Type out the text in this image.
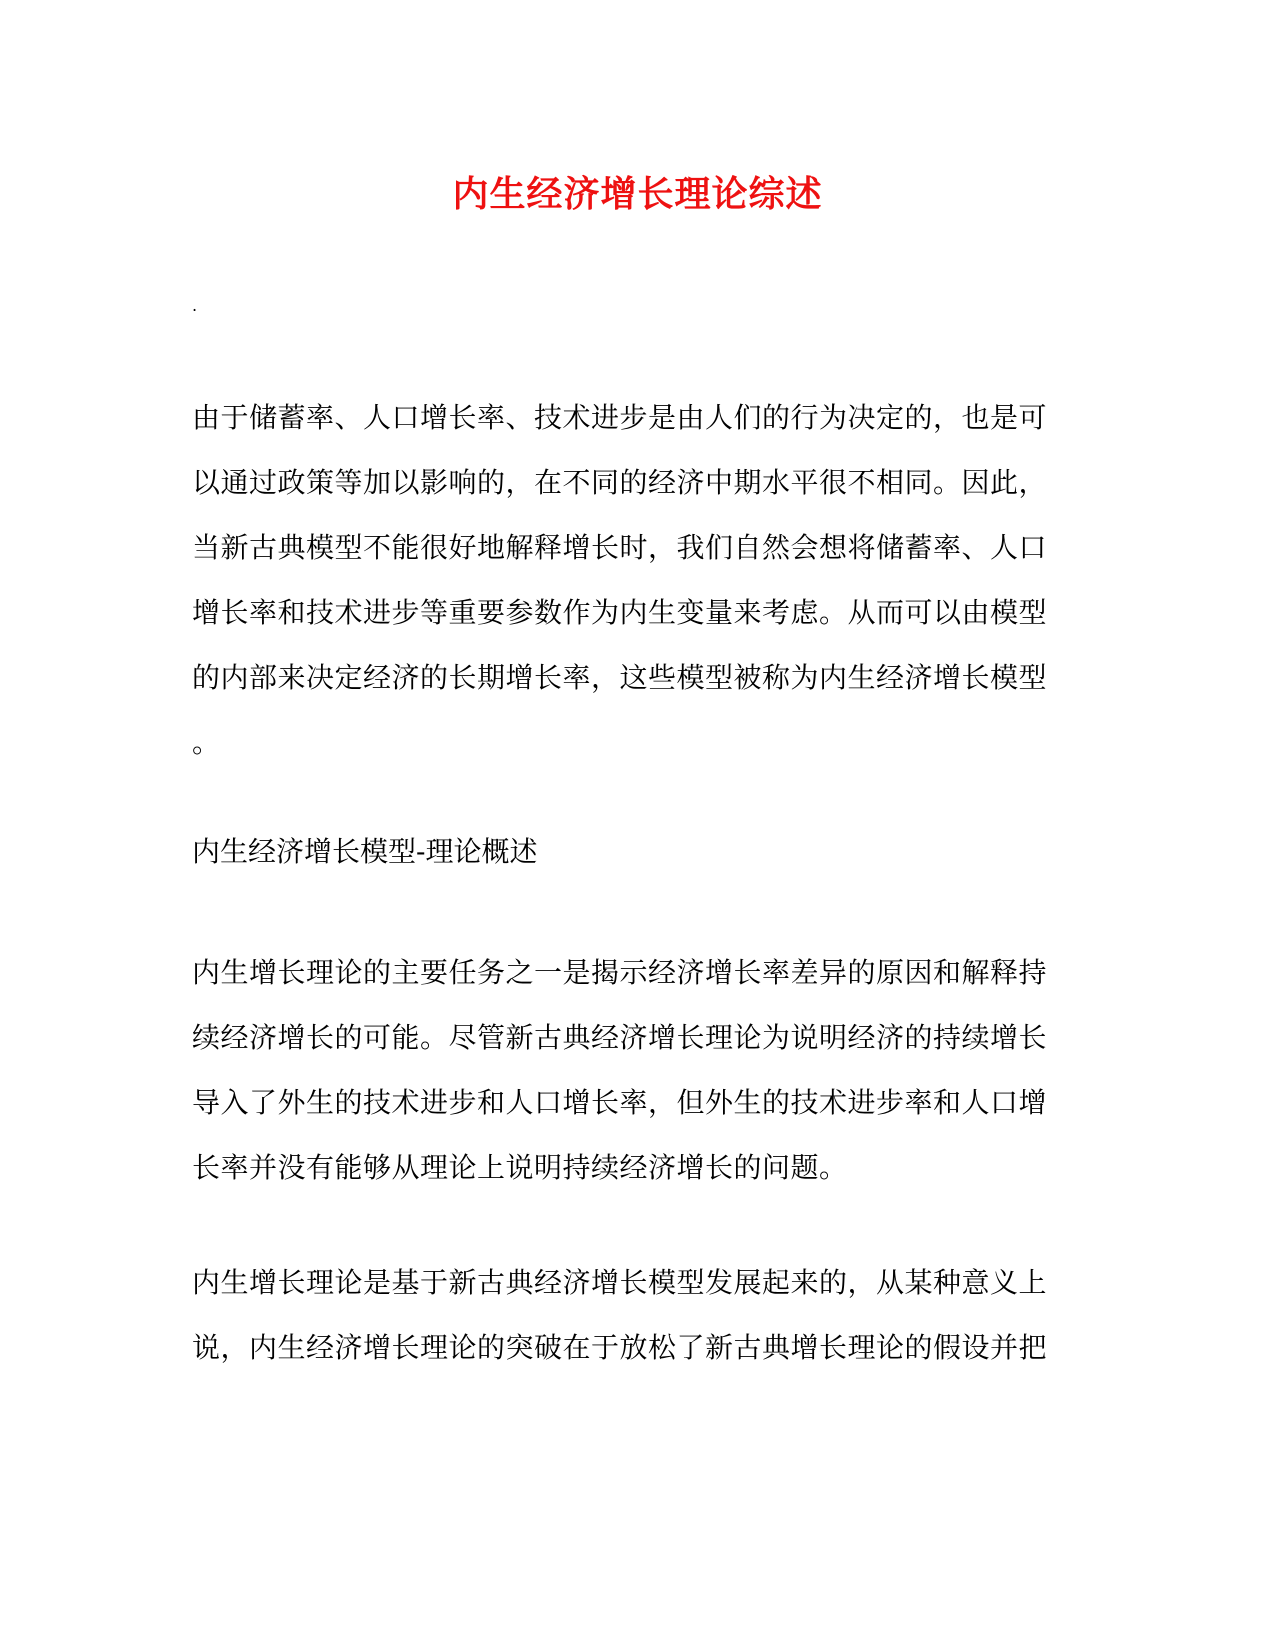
内生经济增长理论综述
.
由于储蓄率、人口增长率、技术进步是由人们的行为决定的，也是可
以通过政策等加以影响的，在不同的经济中期水平很不相同。因此，
当新古典模型不能很好地解释增长时，我们自然会想将储蓄率、人口
增长率和技术进步等重要参数作为内生变量来考虑。从而可以由模型
的内部来决定经济的长期增长率，这些模型被称为内生经济增长模型
。
内生经济增长模型-理论概述
内生增长理论的主要任务之一是揭示经济增长率差异的原因和解释持
续经济增长的可能。尽管新古典经济增长理论为说明经济的持续增长
导入了外生的技术进步和人口增长率，但外生的技术进步率和人口增
长率并没有能够从理论上说明持续经济增长的问题。
内生增长理论是基于新古典经济增长模型发展起来的，从某种意义上
说，内生经济增长理论的突破在于放松了新古典增长理论的假设并把
